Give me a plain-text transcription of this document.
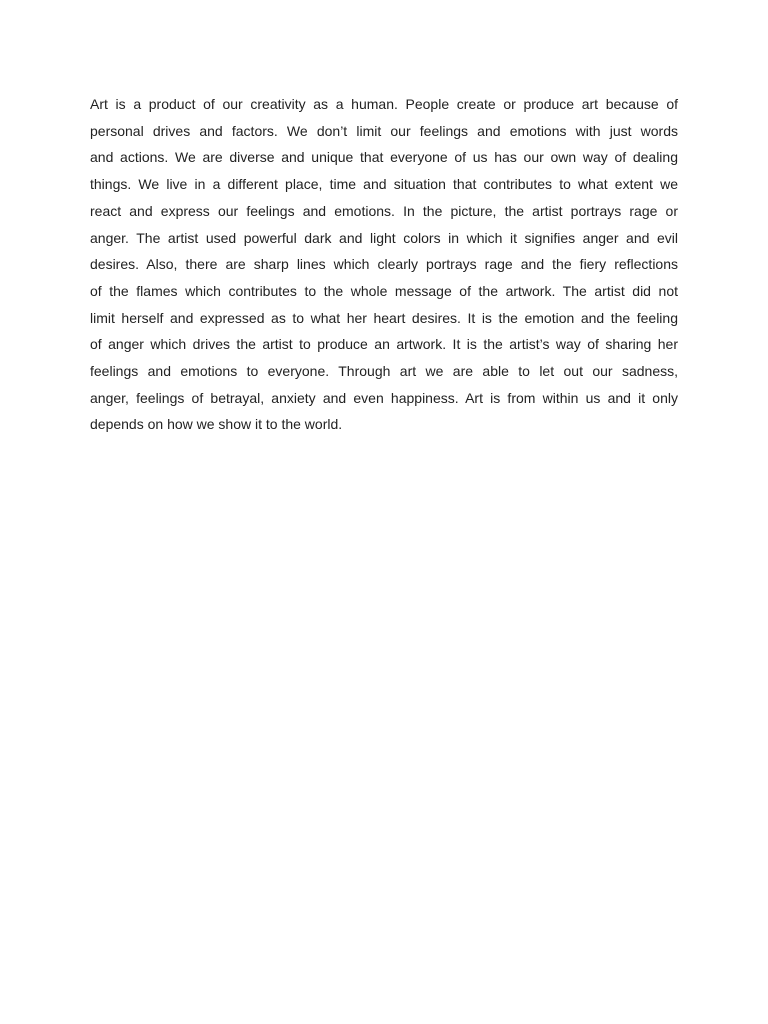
Art is a product of our creativity as a human. People create or produce art because of
personal drives and factors. We don’t limit our feelings and emotions with just words
and actions. We are diverse and unique that everyone of us has our own way of dealing
things. We live in a different place, time and situation that contributes to what extent we
react and express our feelings and emotions. In the picture, the artist portrays rage or
anger. The artist used powerful dark and light colors in which it signifies anger and evil
desires. Also, there are sharp lines which clearly portrays rage and the fiery reflections
of the flames which contributes to the whole message of the artwork. The artist did not
limit herself and expressed as to what her heart desires. It is the emotion and the feeling
of anger which drives the artist to produce an artwork. It is the artist’s way of sharing her
feelings and emotions to everyone. Through art we are able to let out our sadness,
anger, feelings of betrayal, anxiety and even happiness. Art is from within us and it only
depends on how we show it to the world.
